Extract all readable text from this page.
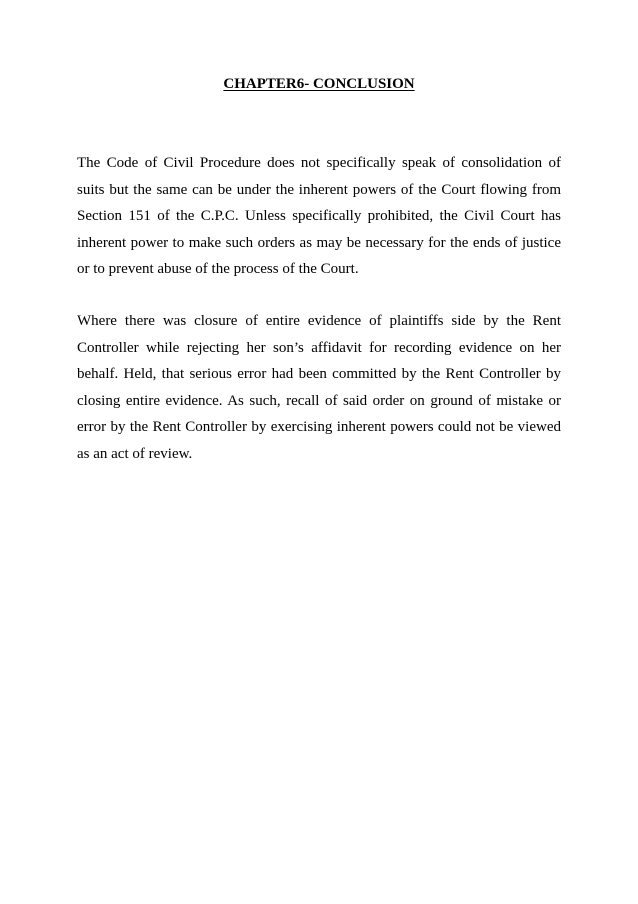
CHAPTER6- CONCLUSION

The Code of Civil Procedure does not specifically speak of consolidation of suits but the same can be under the inherent powers of the Court flowing from Section 151 of the C.P.C. Unless specifically prohibited, the Civil Court has inherent power to make such orders as may be necessary for the ends of justice or to prevent abuse of the process of the Court.

Where there was closure of entire evidence of plaintiffs side by the Rent Controller while rejecting her son’s affidavit for recording evidence on her behalf. Held, that serious error had been committed by the Rent Controller by closing entire evidence. As such, recall of said order on ground of mistake or error by the Rent Controller by exercising inherent powers could not be viewed as an act of review.
